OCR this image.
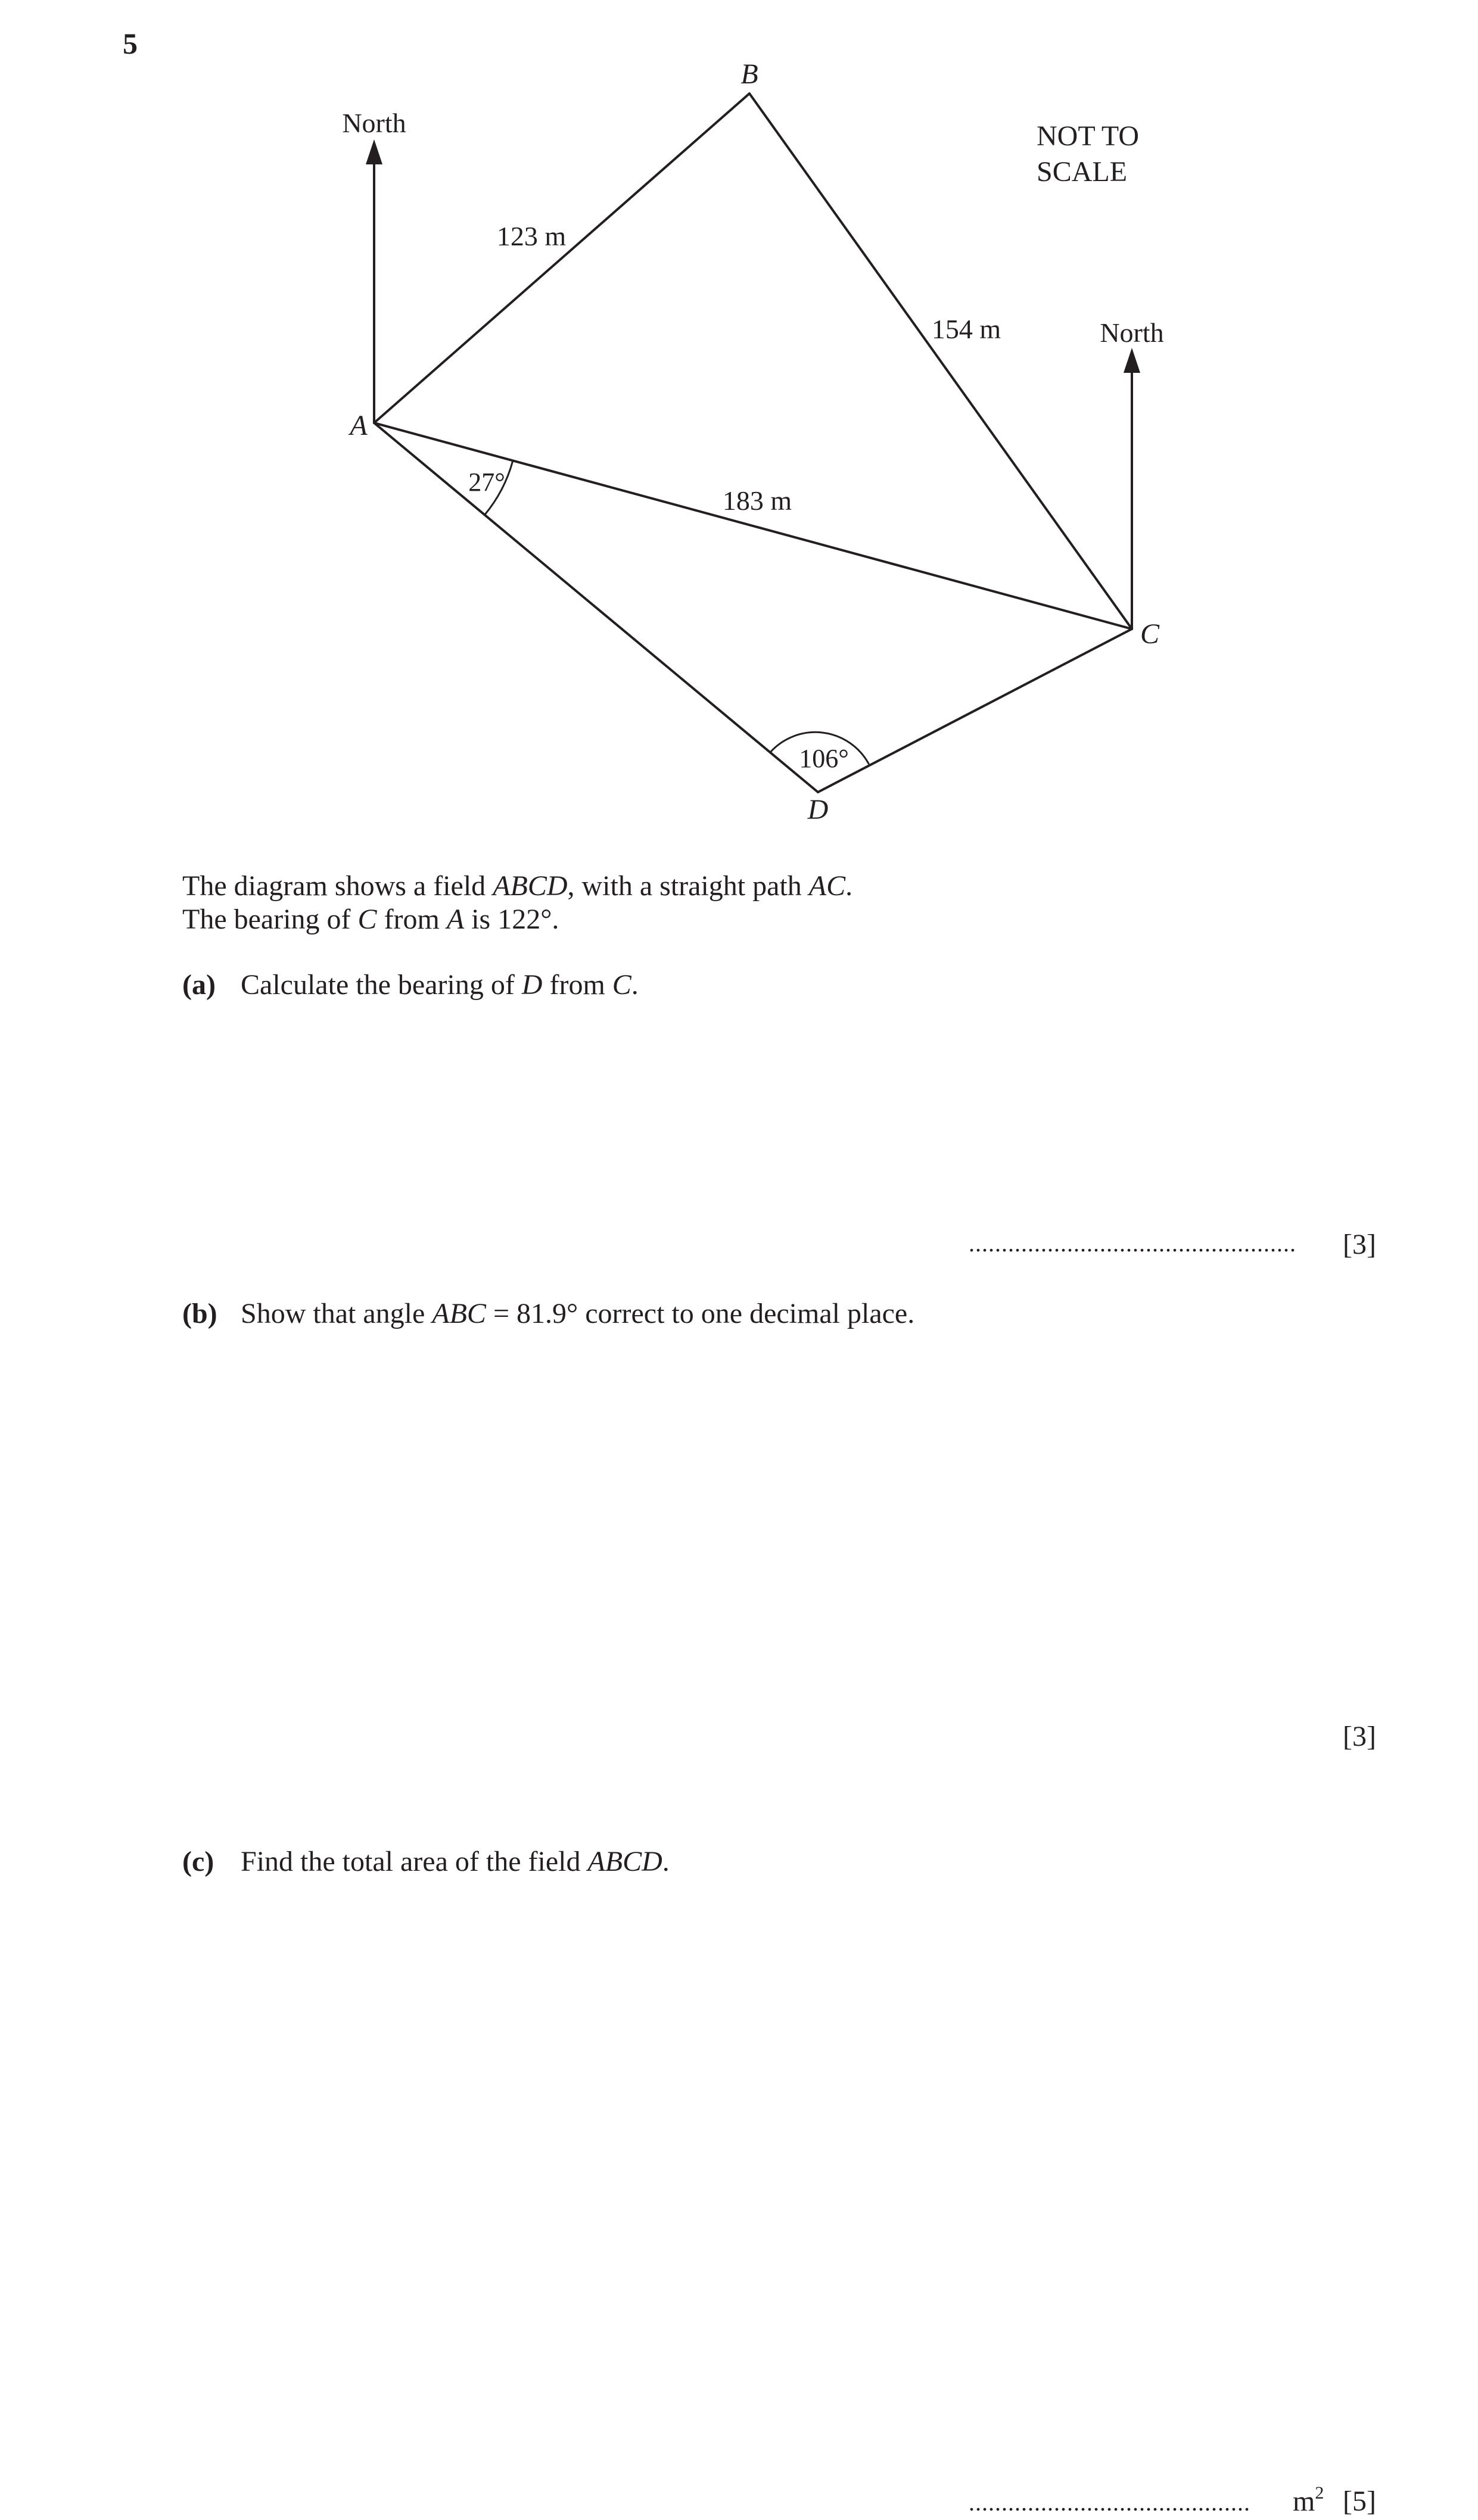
5
B
A
C
D
North
North
NOT TO
SCALE
123 m
154 m
183 m
27°
106°
The diagram shows a field ABCD, with a straight path AC.
The bearing of C from A is 122°.
(a) Calculate the bearing of D from C.
.................................................. [3]
(b) Show that angle ABC = 81.9° correct to one decimal place.
[3]
(c) Find the total area of the field ABCD.
........................................... $m^2$ [5]
